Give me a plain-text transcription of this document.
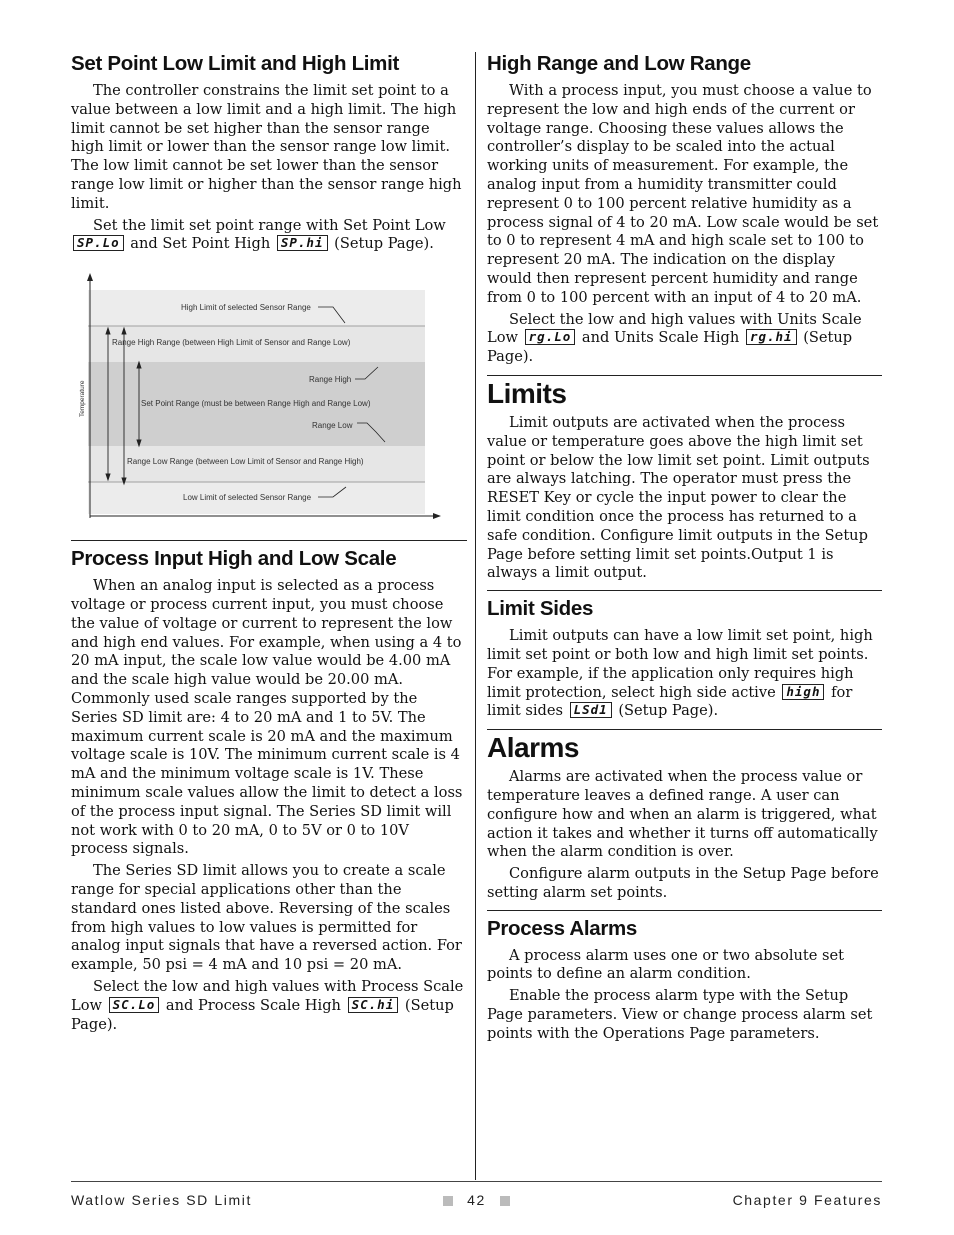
Set Point Low Limit and High Limit

The controller constrains the limit set point to a value between a low limit and a high limit. The high limit cannot be set higher than the sensor range high limit or lower than the sensor range low limit. The low limit cannot be set lower than the sensor range low limit or higher than the sensor range high limit.

Set the limit set point range with Set Point Low SP.Lo and Set Point High SP.hi (Setup Page).

High Limit of selected Sensor Range
Range High Range (between High Limit of Sensor and Range Low)
Range High
Set Point Range (must be between Range High and Range Low)
Range Low
Range Low Range (between Low Limit of Sensor and Range High)
Low Limit of selected Sensor Range
Temperature
Process Input High and Low Scale

When an analog input is selected as a process voltage or process current input, you must choose the value of voltage or current to represent the low and high end values. For example, when using a 4 to 20 mA input, the scale low value would be 4.00 mA and the scale high value would be 20.00 mA. Commonly used scale ranges supported by the Series SD limit are: 4 to 20 mA and 1 to 5V. The maximum current scale is 20 mA and the maximum voltage scale is 10V. The minimum current scale is 4 mA and the minimum voltage scale is 1V. These minimum scale values allow the limit to detect a loss of the process input signal. The Series SD limit will not work with 0 to 20 mA, 0 to 5V or 0 to 10V process signals.

The Series SD limit allows you to create a scale range for special applications other than the standard ones listed above. Reversing of the scales from high values to low values is permitted for analog input signals that have a reversed action. For example, 50 psi = 4 mA and 10 psi = 20 mA.

Select the low and high values with Process Scale Low SC.Lo and Process Scale High SC.hi (Setup Page).

High Range and Low Range

With a process input, you must choose a value to represent the low and high ends of the current or voltage range. Choosing these values allows the controller’s display to be scaled into the actual working units of measurement. For example, the analog input from a humidity transmitter could represent 0 to 100 percent relative humidity as a process signal of 4 to 20 mA. Low scale would be set to 0 to represent 4 mA and high scale set to 100 to represent 20 mA. The indication on the display would then represent percent humidity and range from 0 to 100 percent with an input of 4 to 20 mA.

Select the low and high values with Units Scale Low rg.Lo and Units Scale High rg.hi (Setup Page).

Limits

Limit outputs are activated when the process value or temperature goes above the high limit set point or below the low limit set point. Limit outputs are always latching. The operator must press the RESET Key or cycle the input power to clear the limit condition once the process has returned to a safe condition. Configure limit outputs in the Setup Page before setting limit set points.Output 1 is always a limit output.

Limit Sides

Limit outputs can have a low limit set point, high limit set point or both low and high limit set points. For example, if the application only requires high limit protection, select high side active high for limit sides LSd1 (Setup Page).

Alarms

Alarms are activated when the process value or temperature leaves a defined range. A user can configure how and when an alarm is triggered, what action it takes and whether it turns off automatically when the alarm condition is over.

Configure alarm outputs in the Setup Page before setting alarm set points.

Process Alarms

A process alarm uses one or two absolute set points to define an alarm condition.

Enable the process alarm type with the Setup Page parameters. View or change process alarm set points with the Operations Page parameters.

Watlow Series SD Limit	42	Chapter 9 Features
